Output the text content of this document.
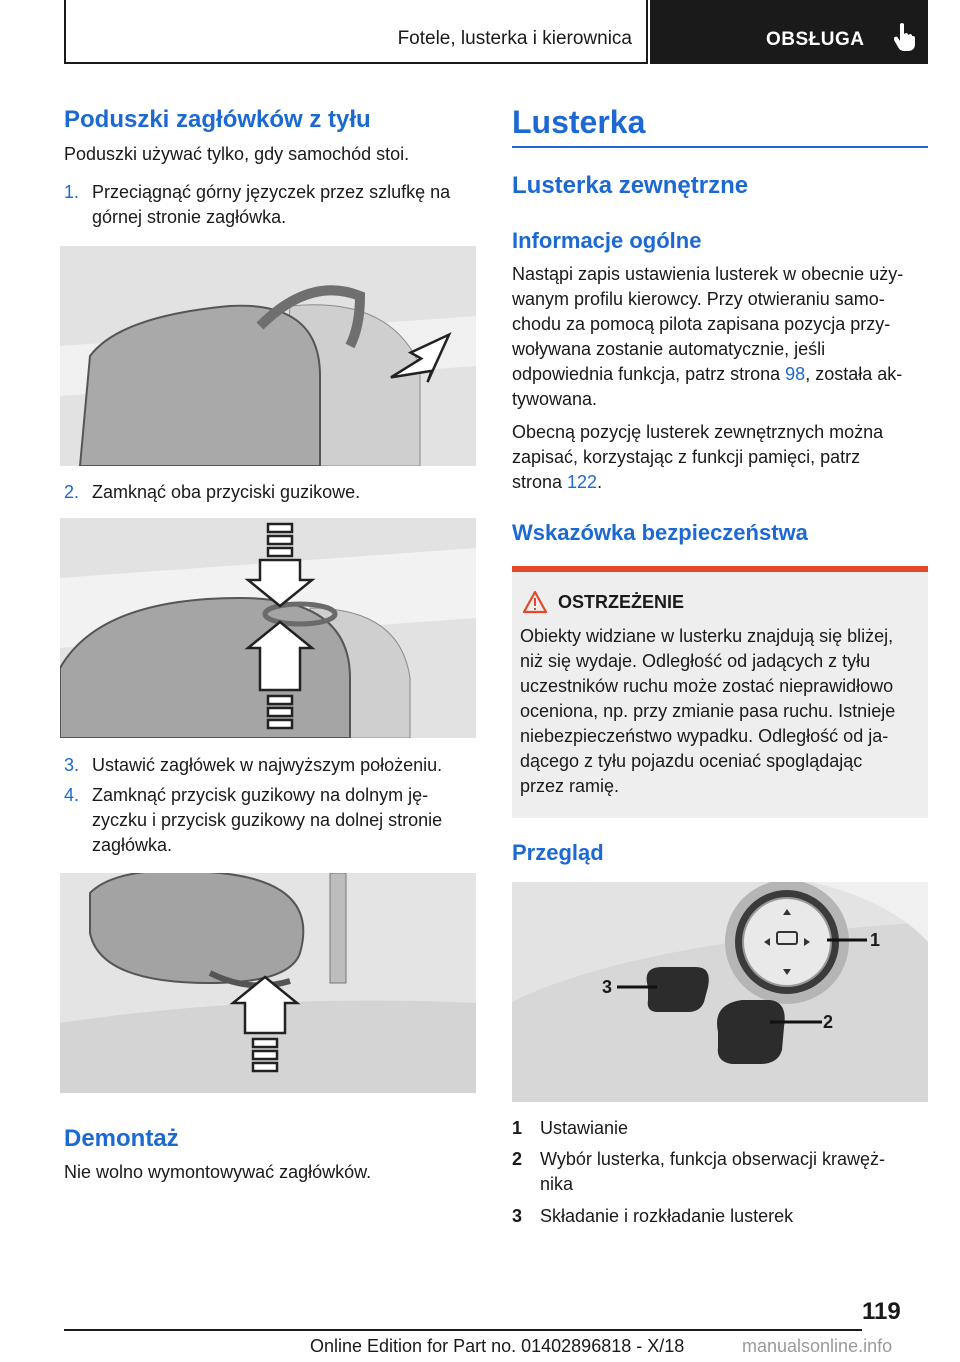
Fotele, lusterka i kierownica	OBSŁUGA
Poduszki zagłówków z tyłu
Poduszki używać tylko, gdy samochód stoi.
1. Przeciągnąć górny języczek przez szlufkę na
górnej stronie zagłówka.
2. Zamknąć oba przyciski guzikowe.
3. Ustawić zagłówek w najwyższym położeniu.
4. Zamknąć przycisk guzikowy na dolnym ję-
zyczku i przycisk guzikowy na dolnej stronie
zagłówka.
Demontaż
Nie wolno wymontowywać zagłówków.
Lusterka
Lusterka zewnętrzne
Informacje ogólne
Nastąpi zapis ustawienia lusterek w obecnie uży-
wanym profilu kierowcy. Przy otwieraniu samo-
chodu za pomocą pilota zapisana pozycja przy-
woływana zostanie automatycznie, jeśli
odpowiednia funkcja, patrz strona 98, została ak-
tywowana.
Obecną pozycję lusterek zewnętrznych można
zapisać, korzystając z funkcji pamięci, patrz
strona 122.
Wskazówka bezpieczeństwa
OSTRZEŻENIE
Obiekty widziane w lusterku znajdują się bliżej,
niż się wydaje. Odległość od jadących z tyłu
uczestników ruchu może zostać nieprawidłowo
oceniona, np. przy zmianie pasa ruchu. Istnieje
niebezpieczeństwo wypadku. Odległość od ja-
dącego z tyłu pojazdu oceniać spoglądając
przez ramię.
Przegląd
1
2
3
1 Ustawianie
2 Wybór lusterka, funkcja obserwacji krawęż-
nika
3 Składanie i rozkładanie lusterek
119
Online Edition for Part no. 01402896818 - X/18	manualsonline.info
